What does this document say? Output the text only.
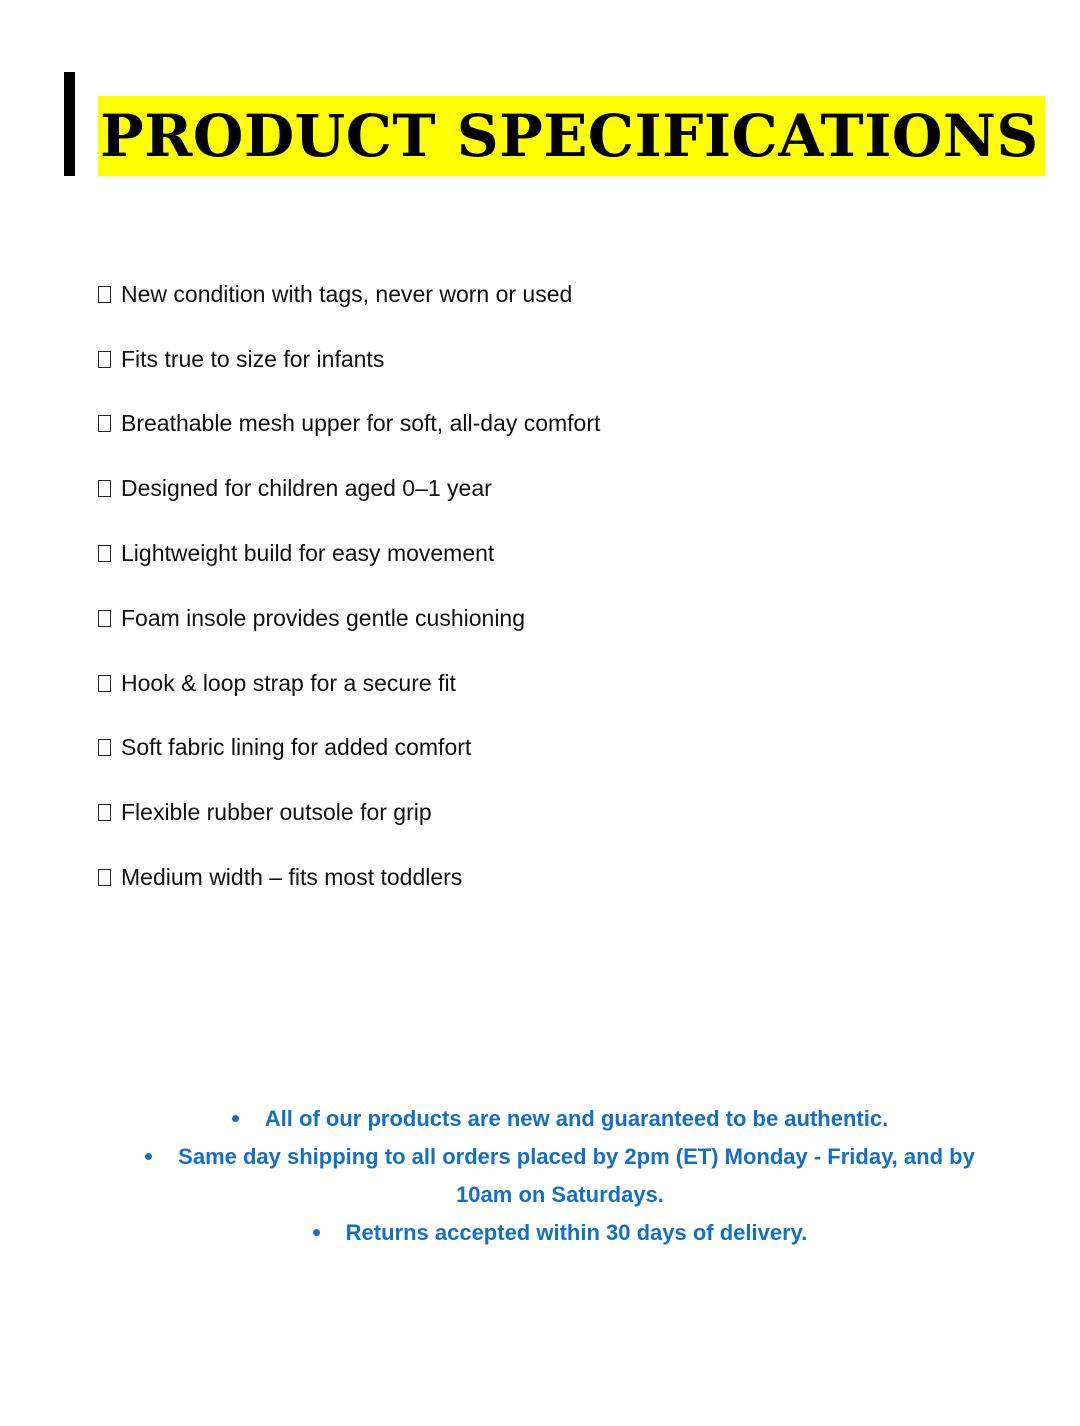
PRODUCT SPECIFICATIONS
New condition with tags, never worn or used
Fits true to size for infants
Breathable mesh upper for soft, all-day comfort
Designed for children aged 0–1 year
Lightweight build for easy movement
Foam insole provides gentle cushioning
Hook & loop strap for a secure fit
Soft fabric lining for added comfort
Flexible rubber outsole for grip
Medium width – fits most toddlers
All of our products are new and guaranteed to be authentic.
Same day shipping to all orders placed by 2pm (ET) Monday - Friday, and by 10am on Saturdays.
Returns accepted within 30 days of delivery.
